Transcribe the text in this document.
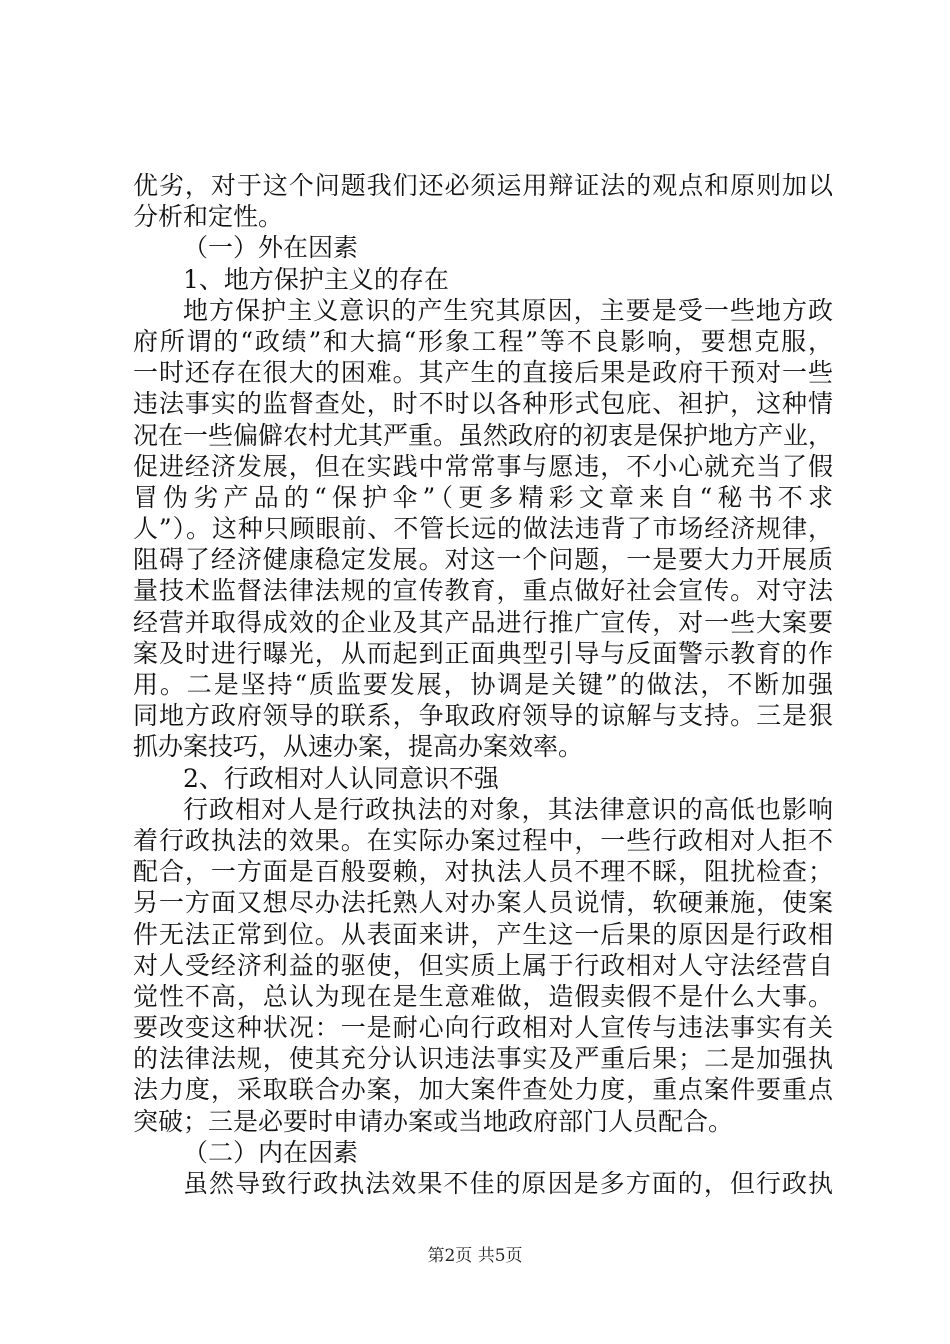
优劣，对于这个问题我们还必须运用辩证法的观点和原则加以
分析和定性。
（一）外在因素
1、地方保护主义的存在
地方保护主义意识的产生究其原因，主要是受一些地方政
府所谓的“政绩”和大搞“形象工程”等不良影响，要想克服，
一时还存在很大的困难。其产生的直接后果是政府干预对一些
违法事实的监督查处，时不时以各种形式包庇、袒护，这种情
况在一些偏僻农村尤其严重。虽然政府的初衷是保护地方产业，
促进经济发展，但在实践中常常事与愿违，不小心就充当了假
冒伪劣产品的“保护伞”（更多精彩文章来自“秘书不求
人”）。这种只顾眼前、不管长远的做法违背了市场经济规律，
阻碍了经济健康稳定发展。对这一个问题，一是要大力开展质
量技术监督法律法规的宣传教育，重点做好社会宣传。对守法
经营并取得成效的企业及其产品进行推广宣传，对一些大案要
案及时进行曝光，从而起到正面典型引导与反面警示教育的作
用。二是坚持“质监要发展，协调是关键”的做法，不断加强
同地方政府领导的联系，争取政府领导的谅解与支持。三是狠
抓办案技巧，从速办案，提高办案效率。
2、行政相对人认同意识不强
行政相对人是行政执法的对象，其法律意识的高低也影响
着行政执法的效果。在实际办案过程中，一些行政相对人拒不
配合，一方面是百般耍赖，对执法人员不理不睬，阻扰检查；
另一方面又想尽办法托熟人对办案人员说情，软硬兼施，使案
件无法正常到位。从表面来讲，产生这一后果的原因是行政相
对人受经济利益的驱使，但实质上属于行政相对人守法经营自
觉性不高，总认为现在是生意难做，造假卖假不是什么大事。
要改变这种状况：一是耐心向行政相对人宣传与违法事实有关
的法律法规，使其充分认识违法事实及严重后果；二是加强执
法力度，采取联合办案，加大案件查处力度，重点案件要重点
突破；三是必要时申请办案或当地政府部门人员配合。
（二）内在因素
虽然导致行政执法效果不佳的原因是多方面的，但行政执
第2页 共5页
